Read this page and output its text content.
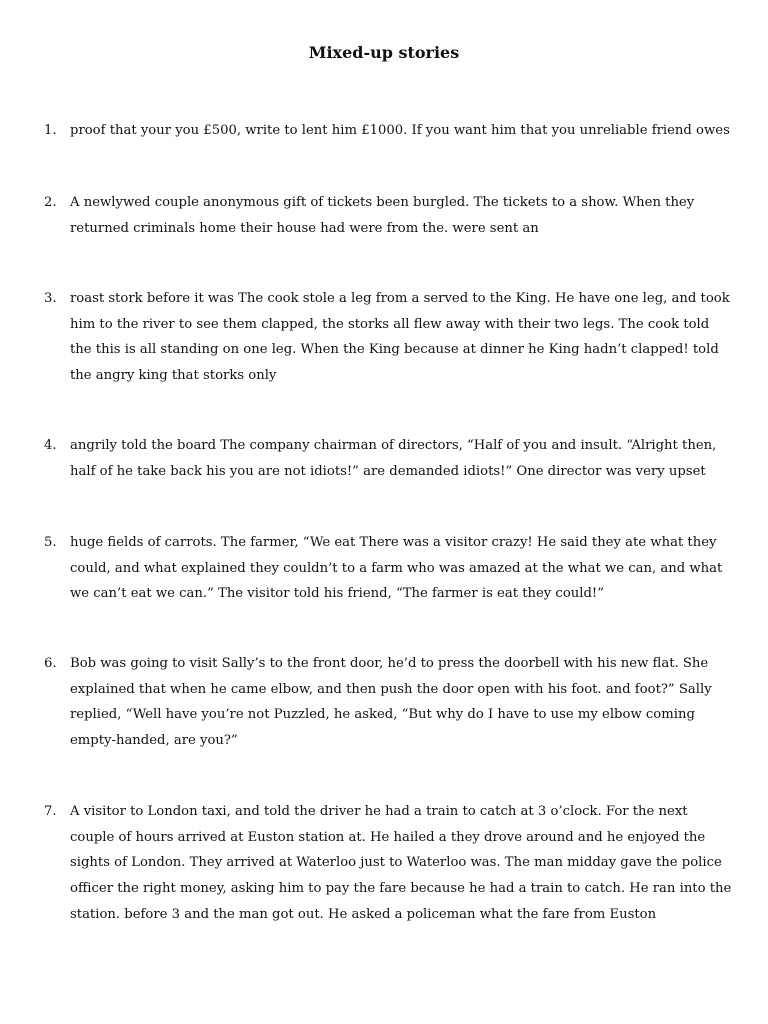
Mixed-up stories
1.	proof that your you £500, write to lent him £1000. If you want him that you unreliable friend owes
2.	A newlywed couple anonymous gift of tickets been burgled. The tickets to a show. When they returned criminals home their house had were from the. were sent an
3.	roast stork before it was The cook stole a leg from a served to the King. He have one leg, and took him to the river to see them clapped, the storks all flew away with their two legs. The cook told the this is all standing on one leg. When the King because at dinner he King hadn’t clapped! told the angry king that storks only
4.	angrily told the board The company chairman of directors, “Half of you and insult. “Alright then, half of he take back his you are not idiots!” are demanded idiots!” One director was very upset
5.	huge fields of carrots. The farmer, “We eat There was a visitor crazy! He said they ate what they could, and what explained they couldn’t to a farm who was amazed at the what we can, and what we can’t eat we can.” The visitor told his friend, “The farmer is eat they could!”
6.	Bob was going to visit Sally’s to the front door, he’d to press the doorbell with his new flat. She explained that when he came elbow, and then push the door open with his foot. and foot?” Sally replied, “Well have you’re not Puzzled, he asked, “But why do I have to use my elbow coming empty-handed, are you?”
7.	A visitor to London taxi, and told the driver he had a train to catch at 3 o’clock. For the next couple of hours arrived at Euston station at. He hailed a they drove around and he enjoyed the sights of London. They arrived at Waterloo just to Waterloo was. The man midday gave the police officer the right money, asking him to pay the fare because he had a train to catch. He ran into the station. before 3 and the man got out. He asked a policeman what the fare from Euston
